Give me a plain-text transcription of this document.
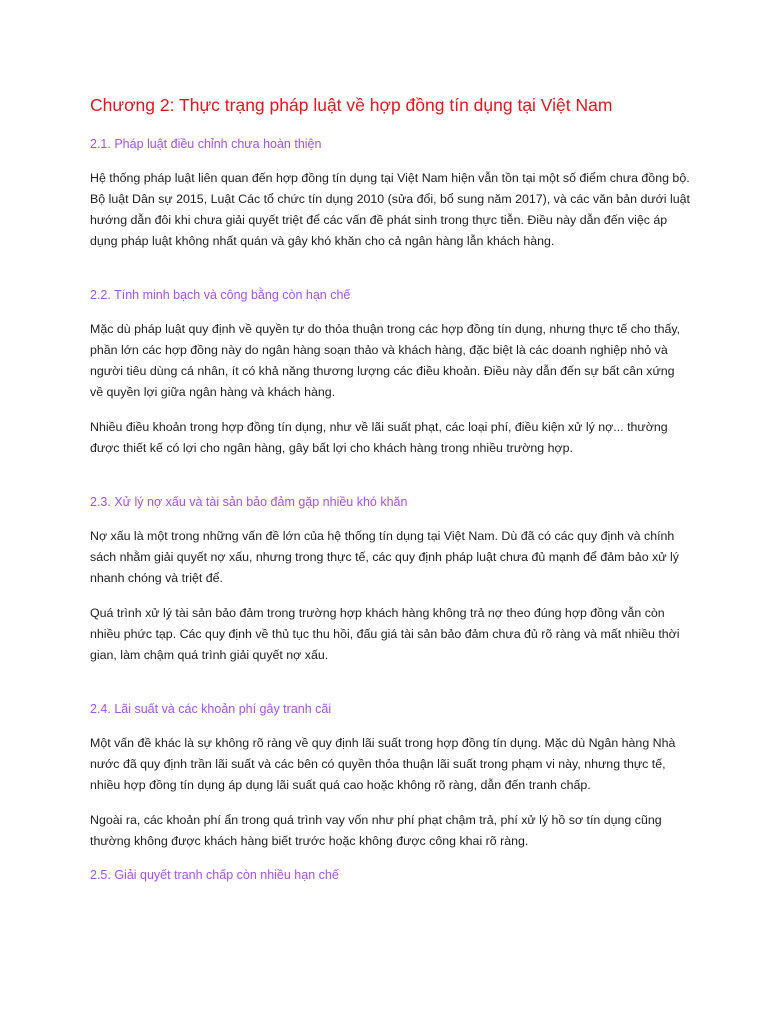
Chương 2: Thực trạng pháp luật về hợp đồng tín dụng tại Việt Nam
2.1. Pháp luật điều chỉnh chưa hoàn thiện

Hệ thống pháp luật liên quan đến hợp đồng tín dụng tại Việt Nam hiện vẫn tồn tại một số điểm chưa đồng bộ. Bộ luật Dân sự 2015, Luật Các tổ chức tín dụng 2010 (sửa đổi, bổ sung năm 2017), và các văn bản dưới luật hướng dẫn đôi khi chưa giải quyết triệt để các vấn đề phát sinh trong thực tiễn. Điều này dẫn đến việc áp dụng pháp luật không nhất quán và gây khó khăn cho cả ngân hàng lẫn khách hàng.

2.2. Tính minh bạch và công bằng còn hạn chế

Mặc dù pháp luật quy định về quyền tự do thỏa thuận trong các hợp đồng tín dụng, nhưng thực tế cho thấy, phần lớn các hợp đồng này do ngân hàng soạn thảo và khách hàng, đặc biệt là các doanh nghiệp nhỏ và người tiêu dùng cá nhân, ít có khả năng thương lượng các điều khoản. Điều này dẫn đến sự bất cân xứng về quyền lợi giữa ngân hàng và khách hàng.

Nhiều điều khoản trong hợp đồng tín dụng, như về lãi suất phạt, các loại phí, điều kiện xử lý nợ... thường được thiết kế có lợi cho ngân hàng, gây bất lợi cho khách hàng trong nhiều trường hợp.

2.3. Xử lý nợ xấu và tài sản bảo đảm gặp nhiều khó khăn

Nợ xấu là một trong những vấn đề lớn của hệ thống tín dụng tại Việt Nam. Dù đã có các quy định và chính sách nhằm giải quyết nợ xấu, nhưng trong thực tế, các quy định pháp luật chưa đủ mạnh để đảm bảo xử lý nhanh chóng và triệt để.

Quá trình xử lý tài sản bảo đảm trong trường hợp khách hàng không trả nợ theo đúng hợp đồng vẫn còn nhiều phức tạp. Các quy định về thủ tục thu hồi, đấu giá tài sản bảo đảm chưa đủ rõ ràng và mất nhiều thời gian, làm chậm quá trình giải quyết nợ xấu.

2.4. Lãi suất và các khoản phí gây tranh cãi

Một vấn đề khác là sự không rõ ràng về quy định lãi suất trong hợp đồng tín dụng. Mặc dù Ngân hàng Nhà nước đã quy định trần lãi suất và các bên có quyền thỏa thuận lãi suất trong phạm vi này, nhưng thực tế, nhiều hợp đồng tín dụng áp dụng lãi suất quá cao hoặc không rõ ràng, dẫn đến tranh chấp.

Ngoài ra, các khoản phí ẩn trong quá trình vay vốn như phí phạt chậm trả, phí xử lý hồ sơ tín dụng cũng thường không được khách hàng biết trước hoặc không được công khai rõ ràng.

2.5. Giải quyết tranh chấp còn nhiều hạn chế
